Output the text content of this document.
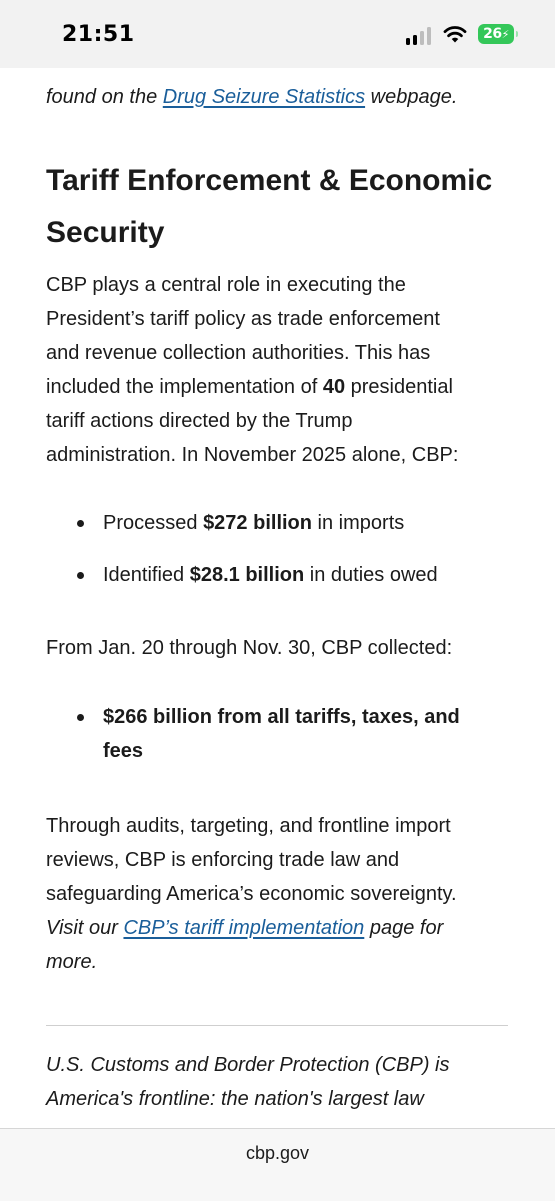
21:51	26⚡
found on the Drug Seizure Statistics webpage.
Tariff Enforcement & Economic
Security
CBP plays a central role in executing the
President’s tariff policy as trade enforcement
and revenue collection authorities. This has
included the implementation of 40 presidential
tariff actions directed by the Trump
administration. In November 2025 alone, CBP:
Processed $272 billion in imports
Identified $28.1 billion in duties owed
From Jan. 20 through Nov. 30, CBP collected:
$266 billion from all tariffs, taxes, and
fees
Through audits, targeting, and frontline import
reviews, CBP is enforcing trade law and
safeguarding America’s economic sovereignty.
Visit our CBP’s tariff implementation page for
more.
U.S. Customs and Border Protection (CBP) is
America's frontline: the nation's largest law
cbp.gov
